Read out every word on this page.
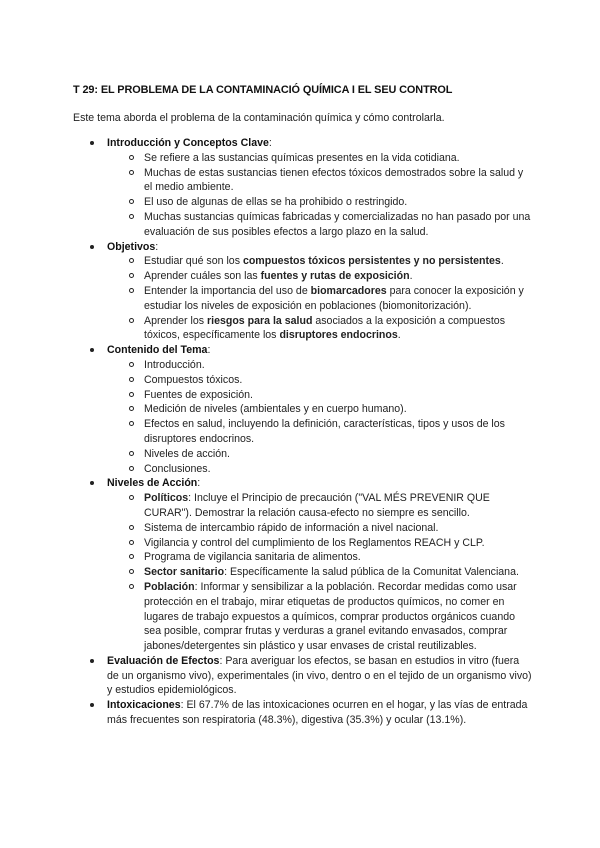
T 29: EL PROBLEMA DE LA CONTAMINACIÓ QUÍMICA I EL SEU CONTROL

Este tema aborda el problema de la contaminación química y cómo controlarla.

Introducción y Conceptos Clave:
Se refiere a las sustancias químicas presentes en la vida cotidiana.
Muchas de estas sustancias tienen efectos tóxicos demostrados sobre la salud y el medio ambiente.
El uso de algunas de ellas se ha prohibido o restringido.
Muchas sustancias químicas fabricadas y comercializadas no han pasado por una evaluación de sus posibles efectos a largo plazo en la salud.
Objetivos:
Estudiar qué son los compuestos tóxicos persistentes y no persistentes.
Aprender cuáles son las fuentes y rutas de exposición.
Entender la importancia del uso de biomarcadores para conocer la exposición y estudiar los niveles de exposición en poblaciones (biomonitorización).
Aprender los riesgos para la salud asociados a la exposición a compuestos tóxicos, específicamente los disruptores endocrinos.
Contenido del Tema:
Introducción.
Compuestos tóxicos.
Fuentes de exposición.
Medición de niveles (ambientales y en cuerpo humano).
Efectos en salud, incluyendo la definición, características, tipos y usos de los disruptores endocrinos.
Niveles de acción.
Conclusiones.
Niveles de Acción:
Políticos: Incluye el Principio de precaución ("VAL MÉS PREVENIR QUE CURAR"). Demostrar la relación causa-efecto no siempre es sencillo.
Sistema de intercambio rápido de información a nivel nacional.
Vigilancia y control del cumplimiento de los Reglamentos REACH y CLP.
Programa de vigilancia sanitaria de alimentos.
Sector sanitario: Específicamente la salud pública de la Comunitat Valenciana.
Población: Informar y sensibilizar a la población. Recordar medidas como usar protección en el trabajo, mirar etiquetas de productos químicos, no comer en lugares de trabajo expuestos a químicos, comprar productos orgánicos cuando sea posible, comprar frutas y verduras a granel evitando envasados, comprar jabones/detergentes sin plástico y usar envases de cristal reutilizables.
Evaluación de Efectos: Para averiguar los efectos, se basan en estudios in vitro (fuera de un organismo vivo), experimentales (in vivo, dentro o en el tejido de un organismo vivo) y estudios epidemiológicos.
Intoxicaciones: El 67.7% de las intoxicaciones ocurren en el hogar, y las vías de entrada más frecuentes son respiratoria (48.3%), digestiva (35.3%) y ocular (13.1%).
